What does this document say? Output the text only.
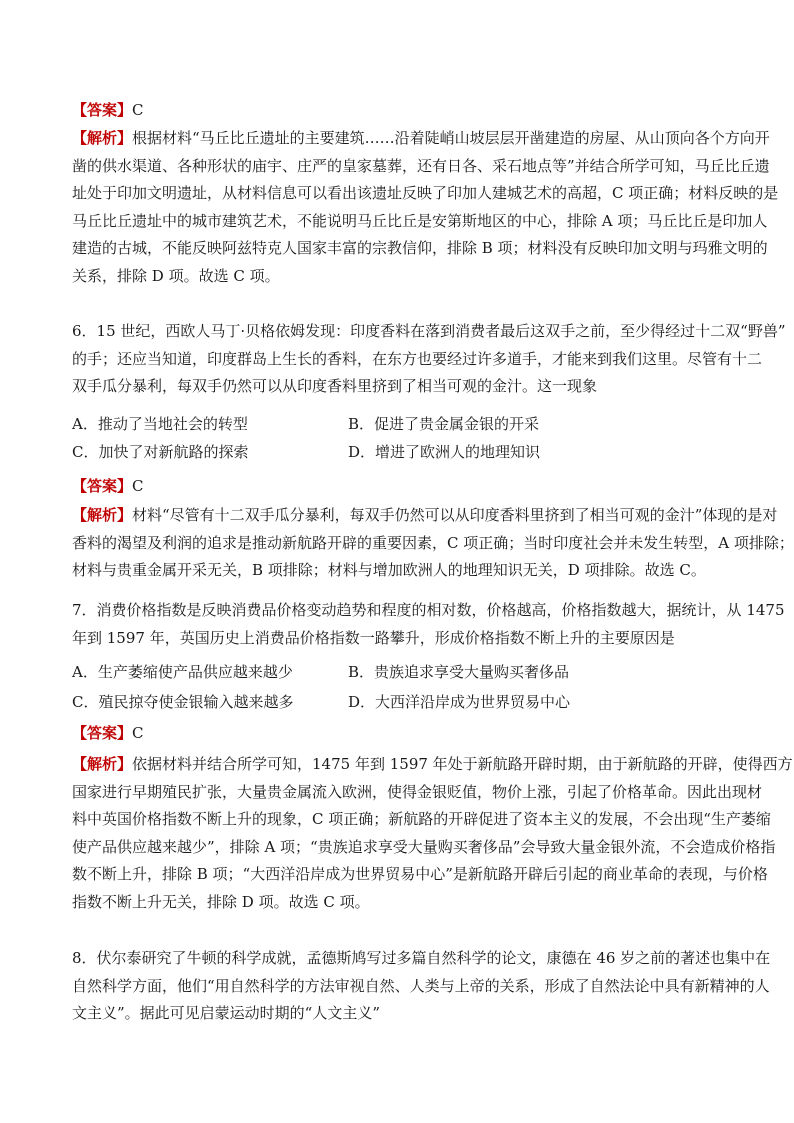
【答案】C
【解析】根据材料“马丘比丘遗址的主要建筑……沿着陡峭山坡层层开凿建造的房屋、从山顶向各个方向开
凿的供水渠道、各种形状的庙宇、庄严的皇家墓葬，还有日各、采石地点等”并结合所学可知，马丘比丘遗
址处于印加文明遗址，从材料信息可以看出该遗址反映了印加人建城艺术的高超，C 项正确；材料反映的是
马丘比丘遗址中的城市建筑艺术，不能说明马丘比丘是安第斯地区的中心，排除 A 项；马丘比丘是印加人
建造的古城，不能反映阿兹特克人国家丰富的宗教信仰，排除 B 项；材料没有反映印加文明与玛雅文明的
关系，排除 D 项。故选 C 项。
6．15 世纪，西欧人马丁·贝格依姆发现：印度香料在落到消费者最后这双手之前，至少得经过十二双“野兽”
的手；还应当知道，印度群岛上生长的香料，在东方也要经过许多道手，才能来到我们这里。尽管有十二
双手瓜分暴利，每双手仍然可以从印度香料里挤到了相当可观的金汁。这一现象
A．推动了当地社会的转型	B．促进了贵金属金银的开采
C．加快了对新航路的探索	D．增进了欧洲人的地理知识
【答案】C
【解析】材料“尽管有十二双手瓜分暴利，每双手仍然可以从印度香料里挤到了相当可观的金汁”体现的是对
香料的渴望及利润的追求是推动新航路开辟的重要因素，C 项正确；当时印度社会并未发生转型，A 项排除；
材料与贵重金属开采无关，B 项排除；材料与增加欧洲人的地理知识无关，D 项排除。故选 C。
7．消费价格指数是反映消费品价格变动趋势和程度的相对数，价格越高，价格指数越大，据统计，从 1475
年到 1597 年，英国历史上消费品价格指数一路攀升，形成价格指数不断上升的主要原因是
A．生产萎缩使产品供应越来越少	B．贵族追求享受大量购买奢侈品
C．殖民掠夺使金银输入越来越多	D．大西洋沿岸成为世界贸易中心
【答案】C
【解析】依据材料并结合所学可知，1475 年到 1597 年处于新航路开辟时期，由于新航路的开辟，使得西方
国家进行早期殖民扩张，大量贵金属流入欧洲，使得金银贬值，物价上涨，引起了价格革命。因此出现材
料中英国价格指数不断上升的现象，C 项正确；新航路的开辟促进了资本主义的发展，不会出现“生产萎缩
使产品供应越来越少”，排除 A 项；“贵族追求享受大量购买奢侈品”会导致大量金银外流，不会造成价格指
数不断上升，排除 B 项；“大西洋沿岸成为世界贸易中心”是新航路开辟后引起的商业革命的表现，与价格
指数不断上升无关，排除 D 项。故选 C 项。
8．伏尔泰研究了牛顿的科学成就，孟德斯鸠写过多篇自然科学的论文，康德在 46 岁之前的著述也集中在
自然科学方面，他们“用自然科学的方法审视自然、人类与上帝的关系，形成了自然法论中具有新精神的人
文主义”。据此可见启蒙运动时期的“人文主义”
